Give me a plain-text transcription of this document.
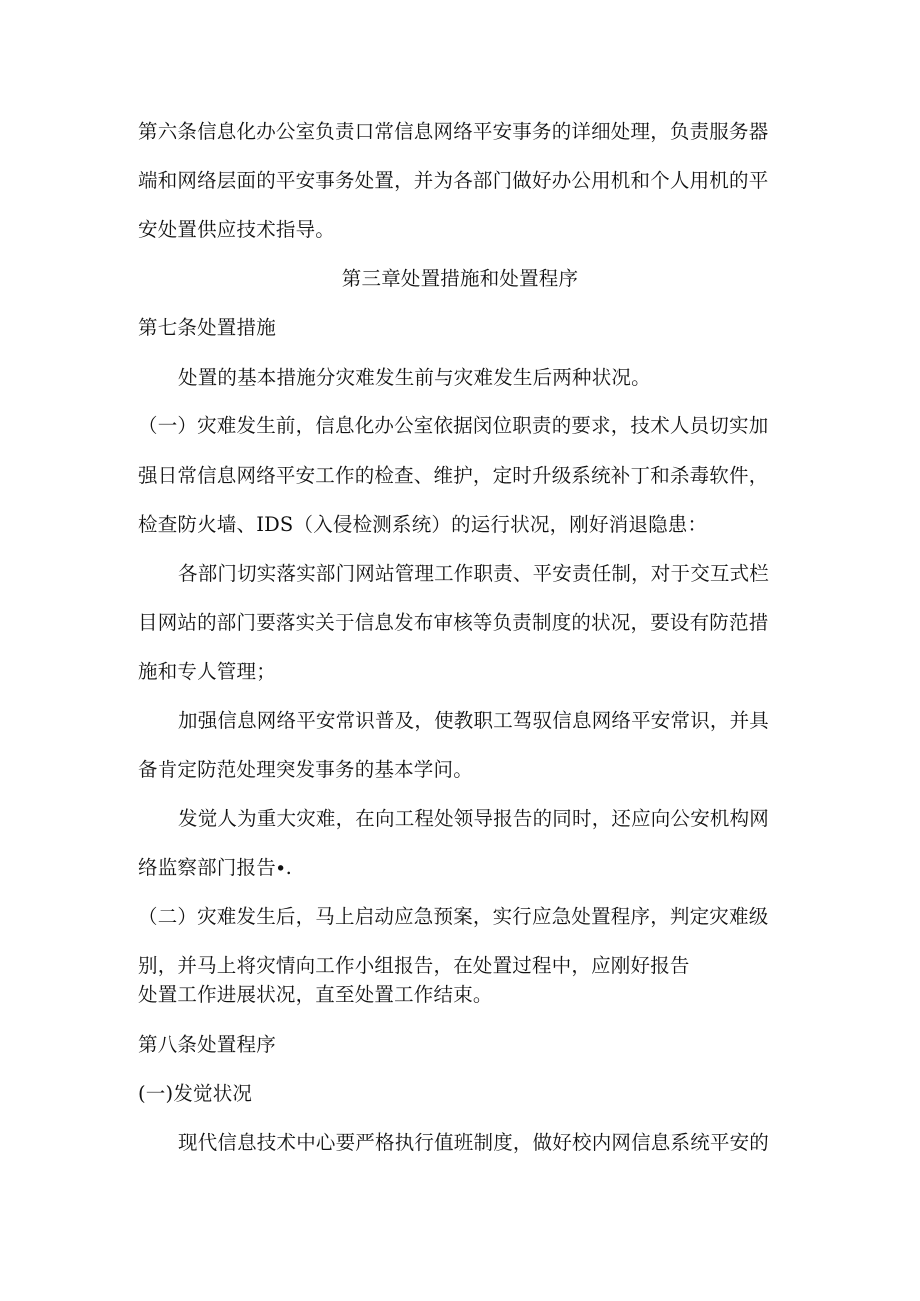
第六条信息化办公室负责口常信息网络平安事务的详细处理，负责服务器
端和网络层面的平安事务处置，并为各部门做好办公用机和个人用机的平
安处置供应技术指导。
第三章处置措施和处置程序
第七条处置措施
处置的基本措施分灾难发生前与灾难发生后两种状况。
（一）灾难发生前，信息化办公室依据闵位职责的要求，技术人员切实加
强日常信息网络平安工作的检查、维护，定时升级系统补丁和杀毒软件，
检查防火墙、IDS（入侵检测系统）的运行状况，刚好消退隐患：
各部门切实落实部门网站管理工作职责、平安责任制，对于交互式栏
目网站的部门要落实关于信息发布审核等负责制度的状况，要设有防范措
施和专人管理；
加强信息网络平安常识普及，使教职工驾驭信息网络平安常识，并具
备肯定防范处理突发事务的基本学问。
发觉人为重大灾难，在向工程处领导报告的同时，还应向公安机构网
络监察部门报告∙.
（二）灾难发生后，马上启动应急预案，实行应急处置程序，判定灾难级
别，并马上将灾情向工作小组报告，在处置过程中，应刚好报告
处置工作进展状况，直至处置工作结束。
第八条处置程序
(一)发觉状况
现代信息技术中心要严格执行值班制度，做好校内网信息系统平安的
